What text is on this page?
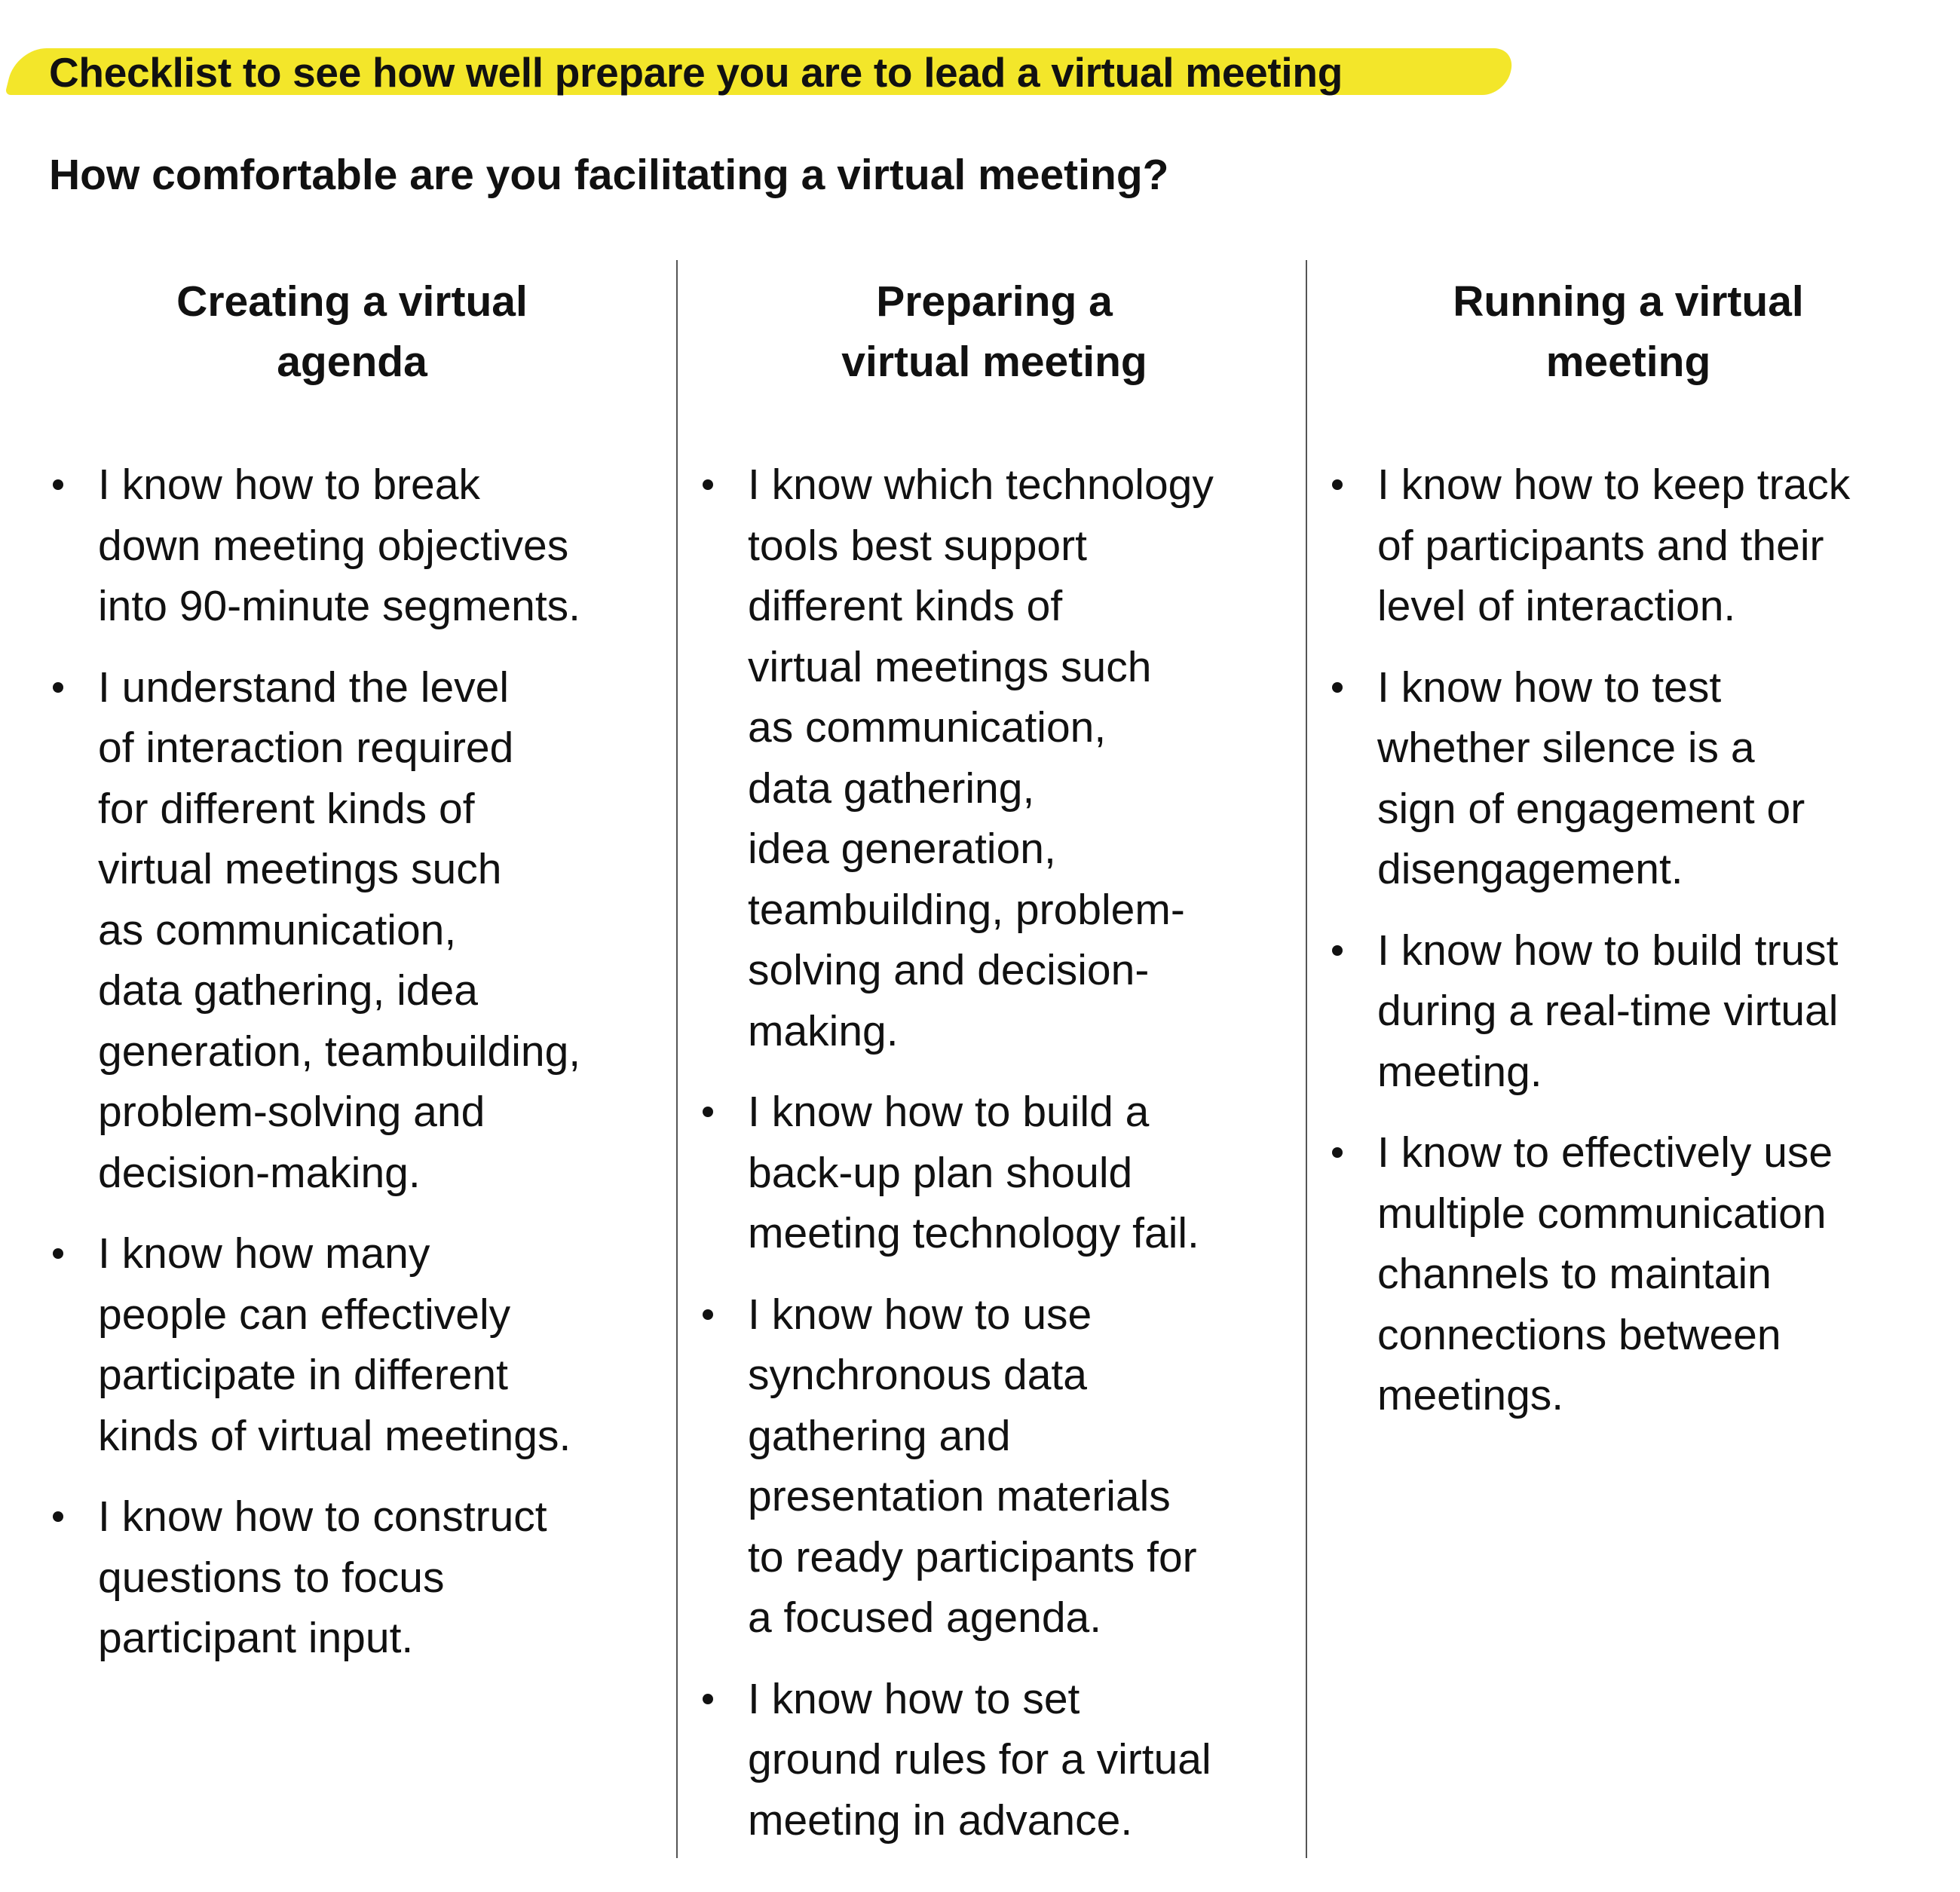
Checklist to see how well prepare you are to lead a virtual meeting
How comfortable are you facilitating a virtual meeting?
Creating a virtual
agenda
I know how to break
down meeting objectives
into 90-minute segments.
I understand the level
of interaction required
for different kinds of
virtual meetings such
as communication,
data gathering, idea
generation, teambuilding,
problem-solving and
decision-making.
I know how many
people can effectively
participate in different
kinds of virtual meetings.
I know how to construct
questions to focus
participant input.
Preparing a
virtual meeting
I know which technology
tools best support
different kinds of
virtual meetings such
as communication,
data gathering,
idea generation,
teambuilding, problem-
solving and decision-
making.
I know how to build a
back-up plan should
meeting technology fail.
I know how to use
synchronous data
gathering and
presentation materials
to ready participants for
a focused agenda.
I know how to set
ground rules for a virtual
meeting in advance.
Running a virtual
meeting
I know how to keep track
of participants and their
level of interaction.
I know how to test
whether silence is a
sign of engagement or
disengagement.
I know how to build trust
during a real-time virtual
meeting.
I know to effectively use
multiple communication
channels to maintain
connections between
meetings.
